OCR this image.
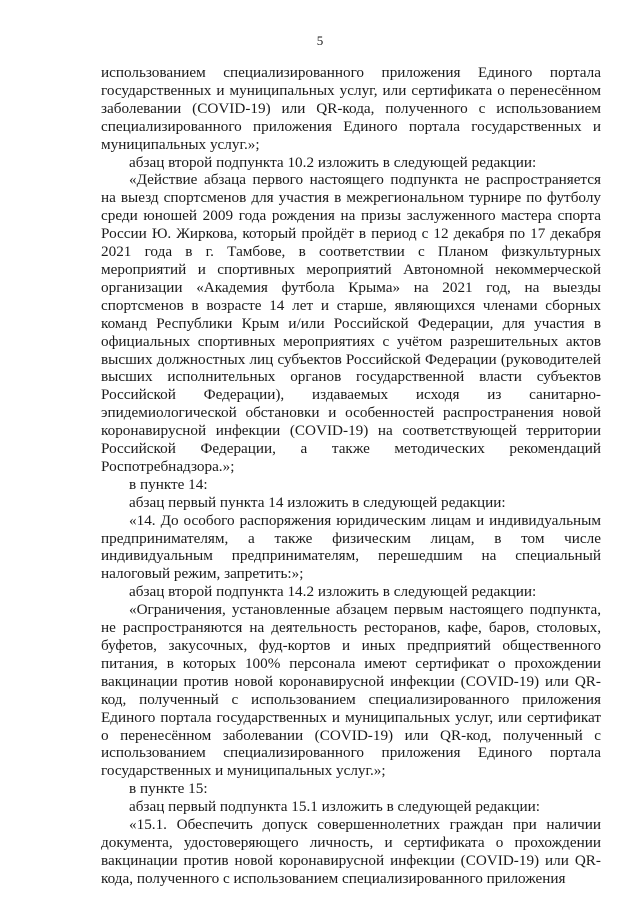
5

использованием специализированного приложения Единого портала государственных и муниципальных услуг, или сертификата о перенесённом заболевании (COVID-19) или QR-кода, полученного с использованием специализированного приложения Единого портала государственных и муниципальных услуг.»;

абзац второй подпункта 10.2 изложить в следующей редакции:

«Действие абзаца первого настоящего подпункта не распространяется на выезд спортсменов для участия в межрегиональном турнире по футболу среди юношей 2009 года рождения на призы заслуженного мастера спорта России Ю. Жиркова, который пройдёт в период с 12 декабря по 17 декабря 2021 года в г. Тамбове, в соответствии с Планом физкультурных мероприятий и спортивных мероприятий Автономной некоммерческой организации «Академия футбола Крыма» на 2021 год, на выезды спортсменов в возрасте 14 лет и старше, являющихся членами сборных команд Республики Крым и/или Российской Федерации, для участия в официальных спортивных мероприятиях с учётом разрешительных актов высших должностных лиц субъектов Российской Федерации (руководителей высших исполнительных органов государственной власти субъектов Российской Федерации), издаваемых исходя из санитарно-эпидемиологической обстановки и особенностей распространения новой коронавирусной инфекции (COVID-19) на соответствующей территории Российской Федерации, а также методических рекомендаций Роспотребнадзора.»;

в пункте 14:

абзац первый пункта 14 изложить в следующей редакции:

«14. До особого распоряжения юридическим лицам и индивидуальным предпринимателям, а также физическим лицам, в том числе индивидуальным предпринимателям, перешедшим на специальный налоговый режим, запретить:»;

абзац второй подпункта 14.2 изложить в следующей редакции:

«Ограничения, установленные абзацем первым настоящего подпункта, не распространяются на деятельность ресторанов, кафе, баров, столовых, буфетов, закусочных, фуд-кортов и иных предприятий общественного питания, в которых 100% персонала имеют сертификат о прохождении вакцинации против новой коронавирусной инфекции (COVID-19) или QR-код, полученный с использованием специализированного приложения Единого портала государственных и муниципальных услуг, или сертификат о перенесённом заболевании (COVID-19) или QR-код, полученный с использованием специализированного приложения Единого портала государственных и муниципальных услуг.»;

в пункте 15:

абзац первый подпункта 15.1 изложить в следующей редакции:

«15.1. Обеспечить допуск совершеннолетних граждан при наличии документа, удостоверяющего личность, и сертификата о прохождении вакцинации против новой коронавирусной инфекции (COVID-19) или QR-кода, полученного с использованием специализированного приложения
